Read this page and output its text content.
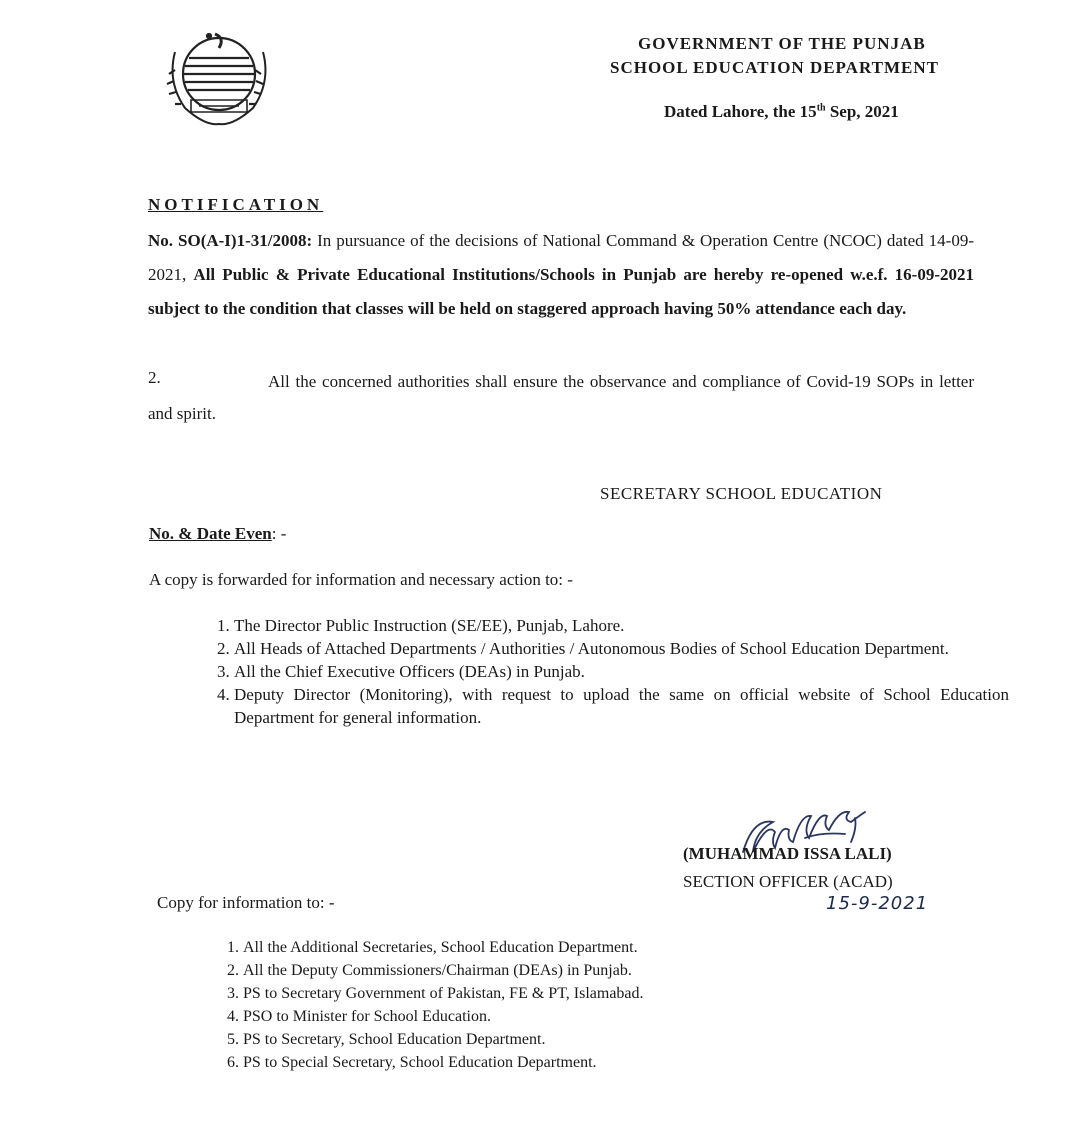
GOVERNMENT OF THE PUNJAB
SCHOOL EDUCATION DEPARTMENT
Dated Lahore, the 15th Sep, 2021
NOTIFICATION
No. SO(A-I)1-31/2008: In pursuance of the decisions of National Command & Operation Centre (NCOC) dated 14-09-2021, All Public & Private Educational Institutions/Schools in Punjab are hereby re-opened w.e.f. 16-09-2021 subject to the condition that classes will be held on staggered approach having 50% attendance each day.
2.	All the concerned authorities shall ensure the observance and compliance of Covid-19 SOPs in letter and spirit.
SECRETARY SCHOOL EDUCATION
No. & Date Even: -
A copy is forwarded for information and necessary action to: -
1. The Director Public Instruction (SE/EE), Punjab, Lahore.
2. All Heads of Attached Departments / Authorities / Autonomous Bodies of School Education Department.
3. All the Chief Executive Officers (DEAs) in Punjab.
4. Deputy Director (Monitoring), with request to upload the same on official website of School Education Department for general information.
(MUHAMMAD ISSA LALI)
SECTION OFFICER (ACAD)
15-9-2021
Copy for information to: -
1. All the Additional Secretaries, School Education Department.
2. All the Deputy Commissioners/Chairman (DEAs) in Punjab.
3. PS to Secretary Government of Pakistan, FE & PT, Islamabad.
4. PSO to Minister for School Education.
5. PS to Secretary, School Education Department.
6. PS to Special Secretary, School Education Department.
